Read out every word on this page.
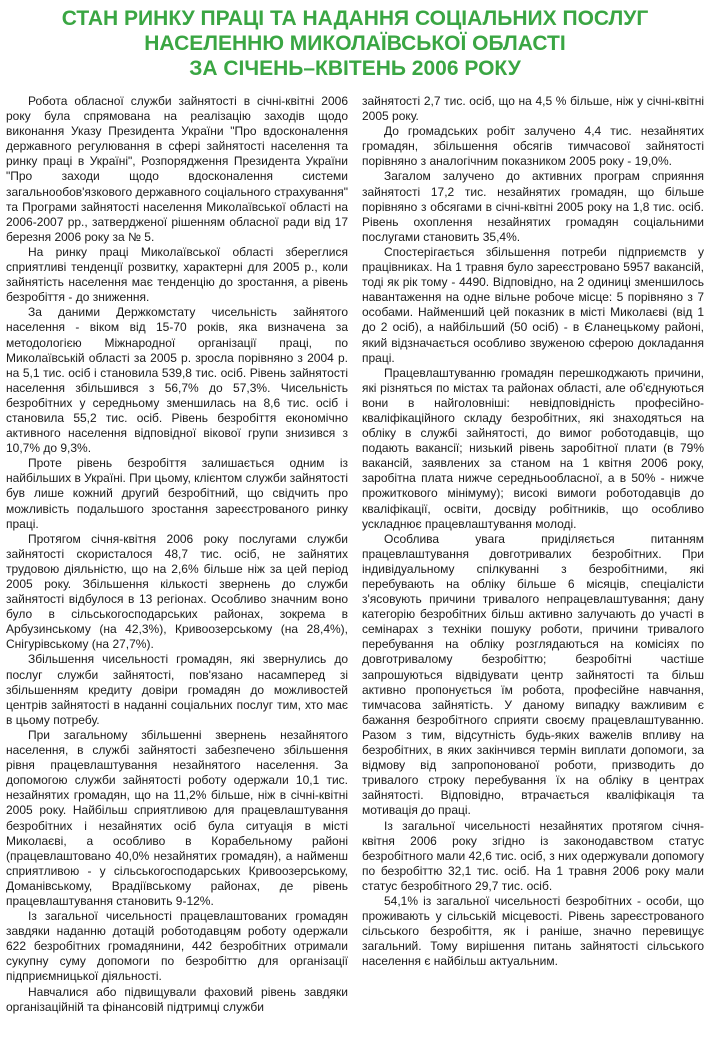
СТАН РИНКУ ПРАЦІ ТА НАДАННЯ СОЦІАЛЬНИХ ПОСЛУГ
НАСЕЛЕННЮ МИКОЛАЇВСЬКОЇ ОБЛАСТІ
ЗА СІЧЕНЬ–КВІТЕНЬ 2006 РОКУ

Робота обласної служби зайнятості в січні-квітні 2006 року була спрямована на реалізацію заходів щодо виконання Указу Президента України "Про вдосконалення державного регулювання в сфері зайнятості населення та ринку праці в Україні", Розпорядження Президента України "Про заходи щодо вдосконалення системи загальнообов'язкового державного соціального страхування" та Програми зайнятості населення Миколаївської області на 2006-2007 рр., затвердженої рішенням обласної ради від 17 березня 2006 року за № 5.

На ринку праці Миколаївської області збереглися сприятливі тенденції розвитку, характерні для 2005 р., коли зайнятість населення має тенденцію до зростання, а рівень безробіття - до зниження.

За даними Держкомстату чисельність зайнятого населення - віком від 15-70 років, яка визначена за методологією Міжнародної організації праці, по Миколаївській області за 2005 р. зросла порівняно з 2004 р. на 5,1 тис. осіб і становила 539,8 тис. осіб. Рівень зайнятості населення збільшився з 56,7% до 57,3%. Чисельність безробітних у середньому зменшилась на 8,6 тис. осіб і становила 55,2 тис. осіб. Рівень безробіття економічно активного населення відповідної вікової групи знизився з 10,7% до 9,3%.

Проте рівень безробіття залишається одним із найбільших в Україні. При цьому, клієнтом служби зайнятості був лише кожний другий безробітний, що свідчить про можливість подальшого зростання зареєстрованого ринку праці.

Протягом січня-квітня 2006 року послугами служби зайнятості скористалося 48,7 тис. осіб, не зайнятих трудовою діяльністю, що на 2,6% більше ніж за цей період 2005 року. Збільшення кількості звернень до служби зайнятості відбулося в 13 регіонах. Особливо значним воно було в сільськогосподарських районах, зокрема в Арбузинському (на 42,3%), Кривоозерському (на 28,4%), Снігурівському (на 27,7%).

Збільшення чисельності громадян, які звернулись до послуг служби зайнятості, пов'язано насамперед зі збільшенням кредиту довіри громадян до можливостей центрів зайнятості в наданні соціальних послуг тим, хто має в цьому потребу.

При загальному збільшенні звернень незайнятого населення, в службі зайнятості забезпечено збільшення рівня працевлаштування незайнятого населення. За допомогою служби зайнятості роботу одержали 10,1 тис. незайнятих громадян, що на 11,2% більше, ніж в січні-квітні 2005 року. Найбільш сприятливою для працевлаштування безробітних і незайнятих осіб була ситуація в місті Миколаєві, а особливо в Корабельному районі (працевлаштовано 40,0% незайнятих громадян), а найменш сприятливою - у сільськогосподарських Кривоозерському, Доманівському, Врадіївському районах, де рівень працевлаштування становить 9-12%.

Із загальної чисельності працевлаштованих громадян завдяки наданню дотацій роботодавцям роботу одержали 622 безробітних громадянини, 442 безробітних отримали сукупну суму допомоги по безробіттю для організації підприємницької діяльності.

Навчалися або підвищували фаховий рівень завдяки організаційній та фінансовій підтримці служби

зайнятості 2,7 тис. осіб, що на 4,5 % більше, ніж у січні-квітні 2005 року.

До громадських робіт залучено 4,4 тис. незайнятих громадян, збільшення обсягів тимчасової зайнятості порівняно з аналогічним показником 2005 року - 19,0%.

Загалом залучено до активних програм сприяння зайнятості 17,2 тис. незайнятих громадян, що більше порівняно з обсягами в січні-квітні 2005 року на 1,8 тис. осіб. Рівень охоплення незайнятих громадян соціальними послугами становить 35,4%.

Спостерігається збільшення потреби підприємств у працівниках. На 1 травня було зареєстровано 5957 вакансій, тоді як рік тому - 4490. Відповідно, на 2 одиниці зменшилось навантаження на одне вільне робоче місце: 5 порівняно з 7 особами. Найменший цей показник в місті Миколаєві (від 1 до 2 осіб), а найбільший (50 осіб) - в Єланецькому районі, який відзначається особливо звуженою сферою докладання праці.

Працевлаштуванню громадян перешкоджають причини, які різняться по містах та районах області, але об'єднуються вони в найголовніші: невідповідність професійно-кваліфікаційного складу безробітних, які знаходяться на обліку в службі зайнятості, до вимог роботодавців, що подають вакансії; низький рівень заробітної плати (в 79% вакансій, заявлених за станом на 1 квітня 2006 року, заробітна плата нижче середньообласної, а в 50% - нижче прожиткового мінімуму); високі вимоги роботодавців до кваліфікації, освіти, досвіду робітників, що особливо ускладнює працевлаштування молоді.

Особлива увага приділяється питанням працевлаштування довготривалих безробітних. При індивідуальному спілкуванні з безробітними, які перебувають на обліку більше 6 місяців, спеціалісти з'ясовують причини тривалого непрацевлаштування; дану категорію безробітних більш активно залучають до участі в семінарах з техніки пошуку роботи, причини тривалого перебування на обліку розглядаються на комісіях по довготривалому безробіттю; безробітні частіше запрошуються відвідувати центр зайнятості та більш активно пропонується їм робота, професійне навчання, тимчасова зайнятість. У даному випадку важливим є бажання безробітного сприяти своєму працевлаштуванню. Разом з тим, відсутність будь-яких важелів впливу на безробітних, в яких закінчився термін виплати допомоги, за відмову від запропонованої роботи, призводить до тривалого строку перебування їх на обліку в центрах зайнятості. Відповідно, втрачається кваліфікація та мотивація до праці.

Із загальної чисельності незайнятих протягом січня-квітня 2006 року згідно із законодавством статус безробітного мали 42,6 тис. осіб, з них одержували допомогу по безробіттю 32,1 тис. осіб. На 1 травня 2006 року мали статус безробітного 29,7 тис. осіб.

54,1% із загальної чисельності безробітних - особи, що проживають у сільській місцевості. Рівень зареєстрованого сільського безробіття, як і раніше, значно перевищує загальний. Тому вирішення питань зайнятості сільського населення є найбільш актуальним.
